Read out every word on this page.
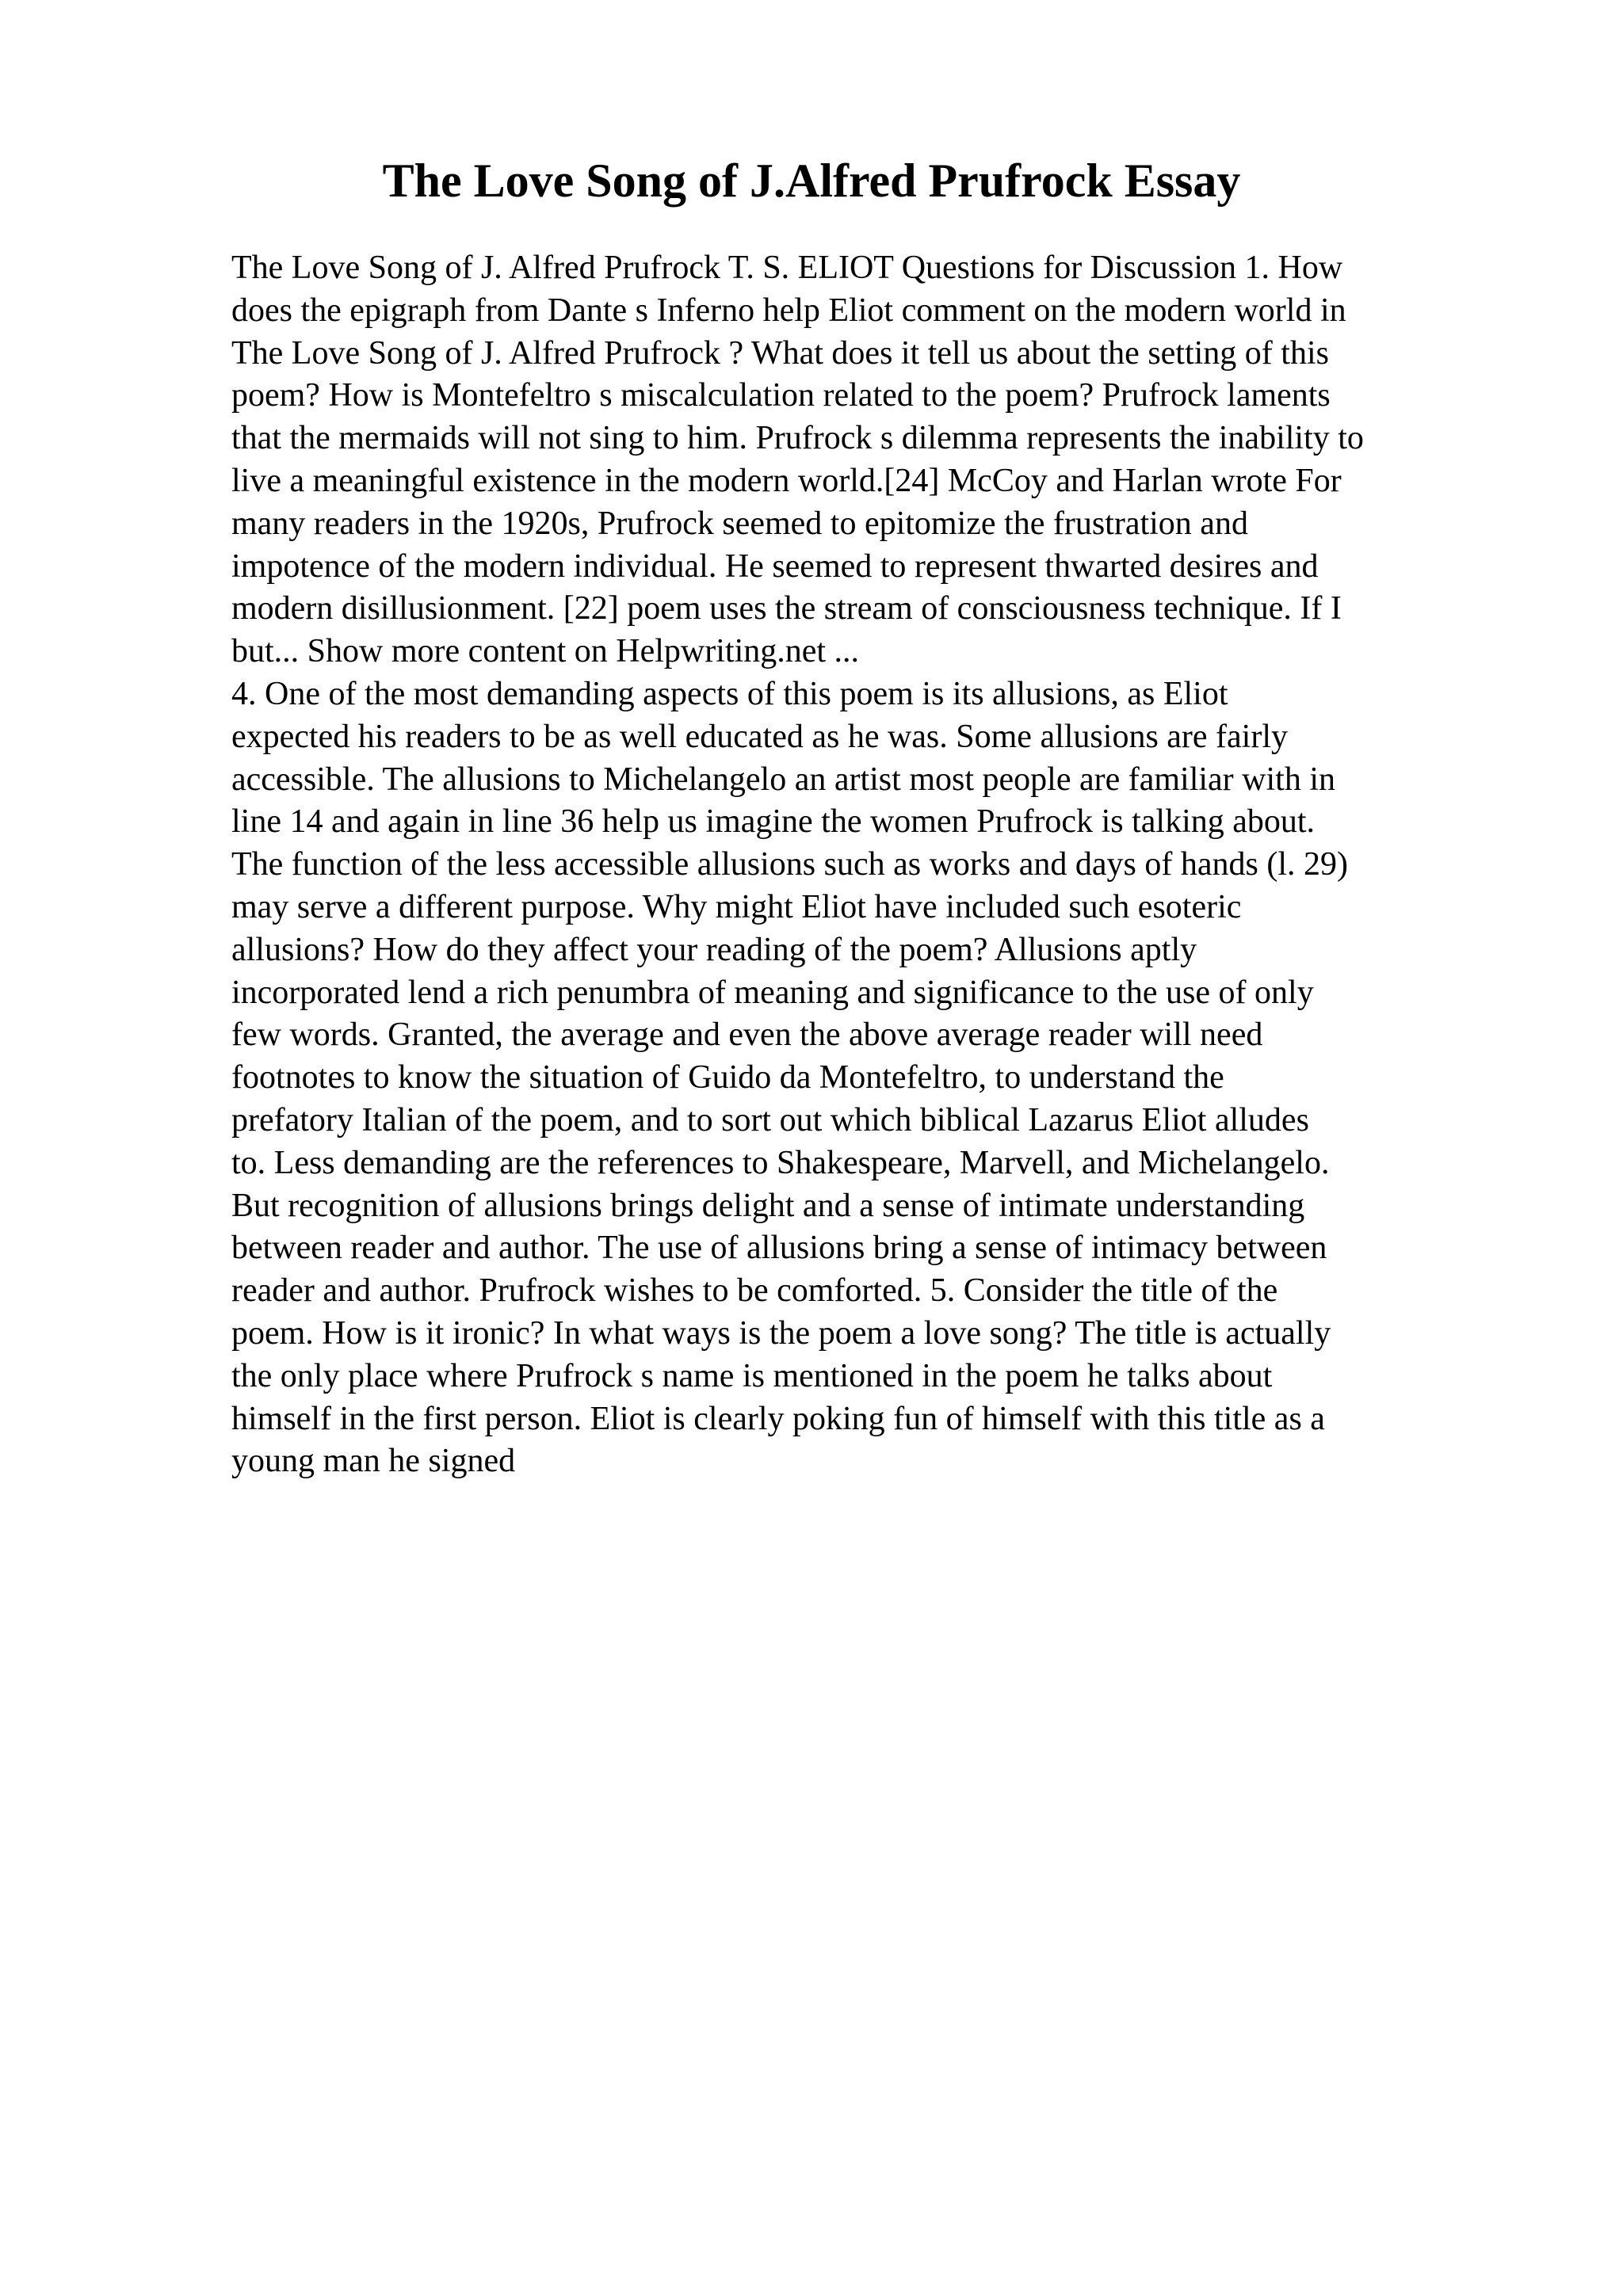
The Love Song of J.Alfred Prufrock Essay
The Love Song of J. Alfred Prufrock T. S. ELIOT Questions for Discussion 1. How
does the epigraph from Dante s Inferno help Eliot comment on the modern world in
The Love Song of J. Alfred Prufrock ? What does it tell us about the setting of this
poem? How is Montefeltro s miscalculation related to the poem? Prufrock laments
that the mermaids will not sing to him. Prufrock s dilemma represents the inability to
live a meaningful existence in the modern world.[24] McCoy and Harlan wrote For
many readers in the 1920s, Prufrock seemed to epitomize the frustration and
impotence of the modern individual. He seemed to represent thwarted desires and
modern disillusionment. [22] poem uses the stream of consciousness technique. If I
but... Show more content on Helpwriting.net ...
4. One of the most demanding aspects of this poem is its allusions, as Eliot
expected his readers to be as well educated as he was. Some allusions are fairly
accessible. The allusions to Michelangelo an artist most people are familiar with in
line 14 and again in line 36 help us imagine the women Prufrock is talking about.
The function of the less accessible allusions such as works and days of hands (l. 29)
may serve a different purpose. Why might Eliot have included such esoteric
allusions? How do they affect your reading of the poem? Allusions aptly
incorporated lend a rich penumbra of meaning and significance to the use of only
few words. Granted, the average and even the above average reader will need
footnotes to know the situation of Guido da Montefeltro, to understand the
prefatory Italian of the poem, and to sort out which biblical Lazarus Eliot alludes
to. Less demanding are the references to Shakespeare, Marvell, and Michelangelo.
But recognition of allusions brings delight and a sense of intimate understanding
between reader and author. The use of allusions bring a sense of intimacy between
reader and author. Prufrock wishes to be comforted. 5. Consider the title of the
poem. How is it ironic? In what ways is the poem a love song? The title is actually
the only place where Prufrock s name is mentioned in the poem he talks about
himself in the first person. Eliot is clearly poking fun of himself with this title as a
young man he signed
